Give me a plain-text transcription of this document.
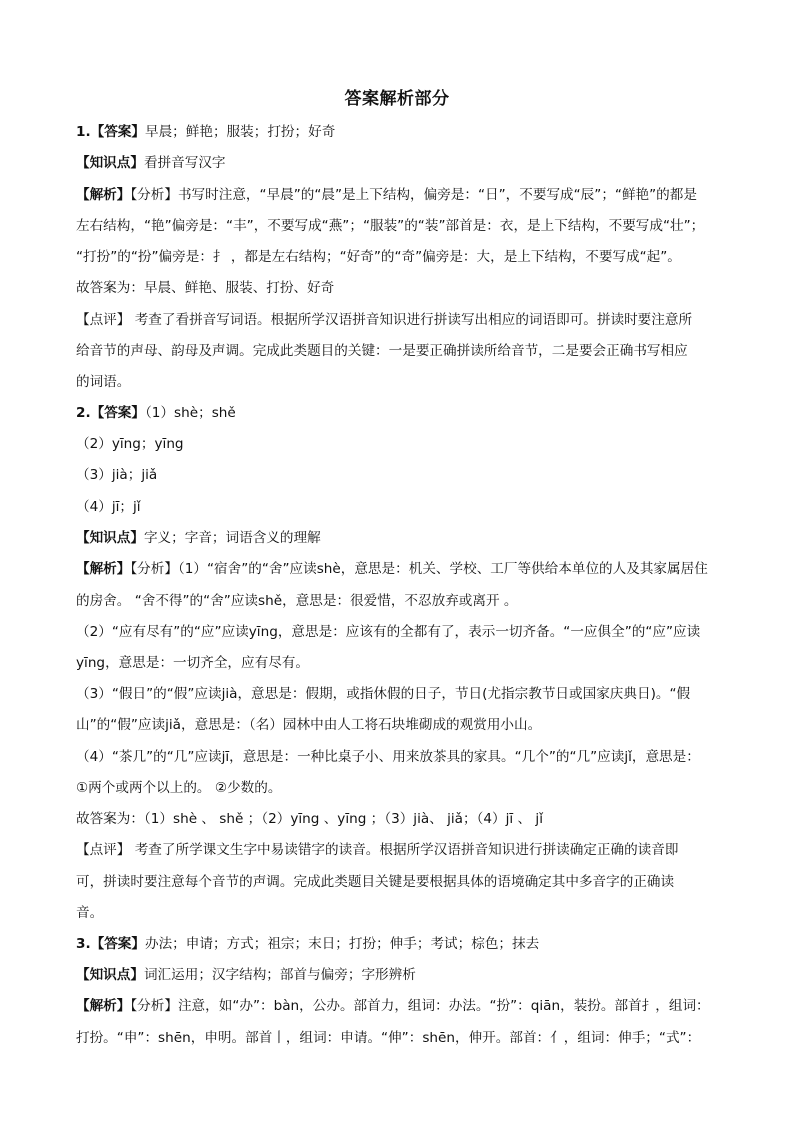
答案解析部分
1.【答案】早晨；鲜艳；服装；打扮；好奇
【知识点】看拼音写汉字
【解析】【分析】书写时注意，“早晨”的“晨”是上下结构，偏旁是：“日”，不要写成“辰”；“鲜艳”的都是
左右结构，“艳”偏旁是：“丰”，不要写成“燕”；“服装”的“装”部首是：衣，是上下结构，不要写成“壮”；
“打扮”的“扮”偏旁是：扌 ，都是左右结构；“好奇”的“奇”偏旁是：大，是上下结构，不要写成“起”。
故答案为：早晨、鲜艳、服装、打扮、好奇
【点评】 考查了看拼音写词语。根据所学汉语拼音知识进行拼读写出相应的词语即可。拼读时要注意所
给音节的声母、韵母及声调。完成此类题目的关键：一是要正确拼读所给音节，二是要会正确书写相应
的词语。
2.【答案】（1）shè；shě
（2）yīng；yīng
（3）jià；jiǎ
（4）jī；jǐ
【知识点】字义；字音；词语含义的理解
【解析】【分析】（1）“宿舍”的“舍”应读shè，意思是：机关、学校、工厂等供给本单位的人及其家属居住
的房舍。 “舍不得”的“舍”应读shě，意思是：很爱惜，不忍放弃或离开 。
（2）“应有尽有”的“应”应读yīng，意思是：应该有的全都有了，表示一切齐备。“一应俱全”的“应”应读
yīng，意思是：一切齐全，应有尽有。
（3）“假日”的“假”应读jià，意思是：假期，或指休假的日子，节日(尤指宗教节日或国家庆典日)。“假
山”的“假”应读jiǎ，意思是：（名）园林中由人工将石块堆砌成的观赏用小山。
（4）“茶几”的“几”应读jī，意思是：一种比桌子小、用来放茶具的家具。“几个”的“几”应读jǐ，意思是：
①两个或两个以上的。 ②少数的。
故答案为：（1）shè 、 shě ；（2）yīng 、yīng ；（3）jià、 jiǎ；（4）jī 、 jǐ
【点评】 考查了所学课文生字中易读错字的读音。根据所学汉语拼音知识进行拼读确定正确的读音即
可，拼读时要注意每个音节的声调。完成此类题目关键是要根据具体的语境确定其中多音字的正确读
音。
3.【答案】办法；申请；方式；祖宗；末日；打扮；伸手；考试；棕色；抹去
【知识点】词汇运用；汉字结构；部首与偏旁；字形辨析
【解析】【分析】注意，如“办”：bàn，公办。部首力，组词：办法。“扮”：qiān，装扮。部首扌，组词：
打扮。“申”：shēn，申明。部首丨，组词：申请。“伸”：shēn，伸开。部首：亻，组词：伸手；“式”：
